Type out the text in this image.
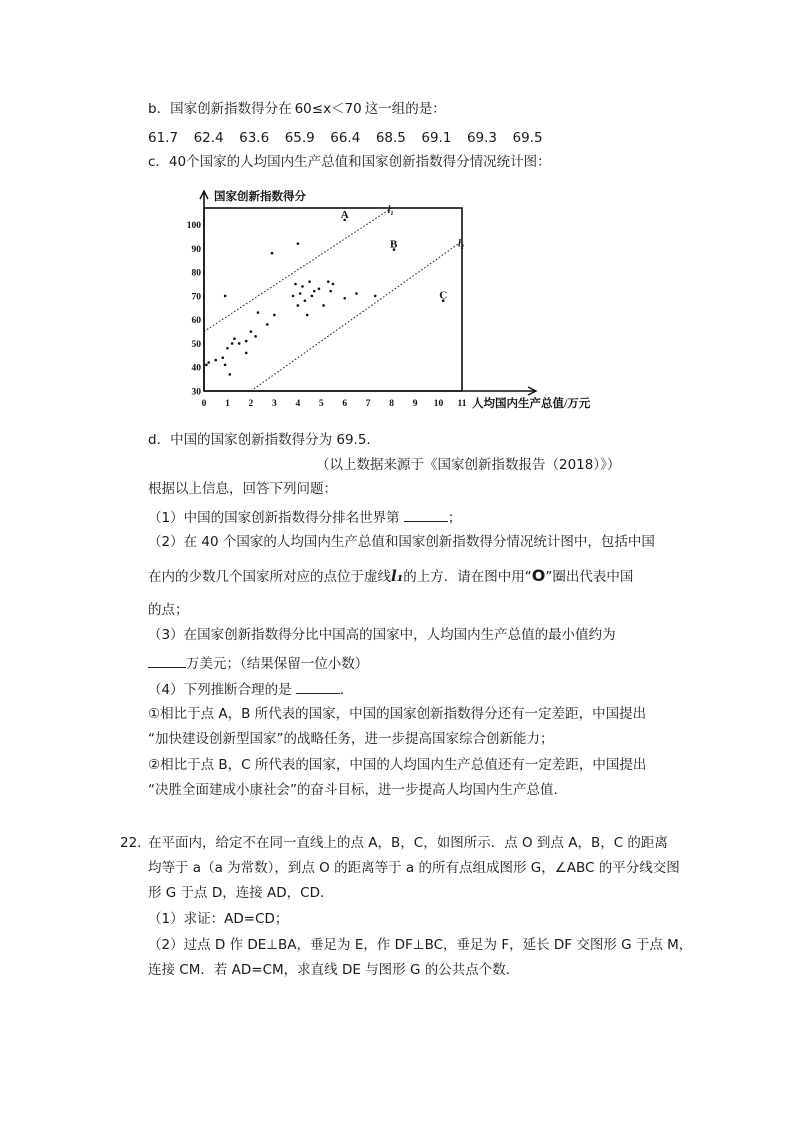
b．国家创新指数得分在 60≤x＜70 这一组的是：
61.7 62.4 63.6 65.9 66.4 68.5 69.1 69.3 69.5
c．40个国家的人均国内生产总值和国家创新指数得分情况统计图：
国家创新指数得分
人均国内生产总值/万元
30
40
50
60
70
80
90
100
0 1 2 3 4 5 6 7 8 9 10 11
l₁
l₂
A
B
C
d．中国的国家创新指数得分为 69.5.
（以上数据来源于《国家创新指数报告（2018）》）
根据以上信息，回答下列问题：
（1）中国的国家创新指数得分排名世界第	；
（2）在 40 个国家的人均国内生产总值和国家创新指数得分情况统计图中，包括中国
在内的少数几个国家所对应的点位于虚线l₁的上方．请在图中用“O”圈出代表中国
的点；
（3）在国家创新指数得分比中国高的国家中，人均国内生产总值的最小值约为
万美元；（结果保留一位小数）
（4）下列推断合理的是	．
①相比于点 A，B 所代表的国家，中国的国家创新指数得分还有一定差距，中国提出
“加快建设创新型国家”的战略任务，进一步提高国家综合创新能力；
②相比于点 B，C 所代表的国家，中国的人均国内生产总值还有一定差距，中国提出
“决胜全面建成小康社会”的奋斗目标，进一步提高人均国内生产总值.
22. 在平面内，给定不在同一直线上的点 A，B，C，如图所示．点 O 到点 A，B，C 的距离
均等于 a（a 为常数），到点 O 的距离等于 a 的所有点组成图形 G，∠ABC 的平分线交图
形 G 于点 D，连接 AD，CD．
（1）求证：AD=CD；
（2）过点 D 作 DE⊥BA，垂足为 E，作 DF⊥BC，垂足为 F，延长 DF 交图形 G 于点 M，
连接 CM．若 AD=CM，求直线 DE 与图形 G 的公共点个数．
